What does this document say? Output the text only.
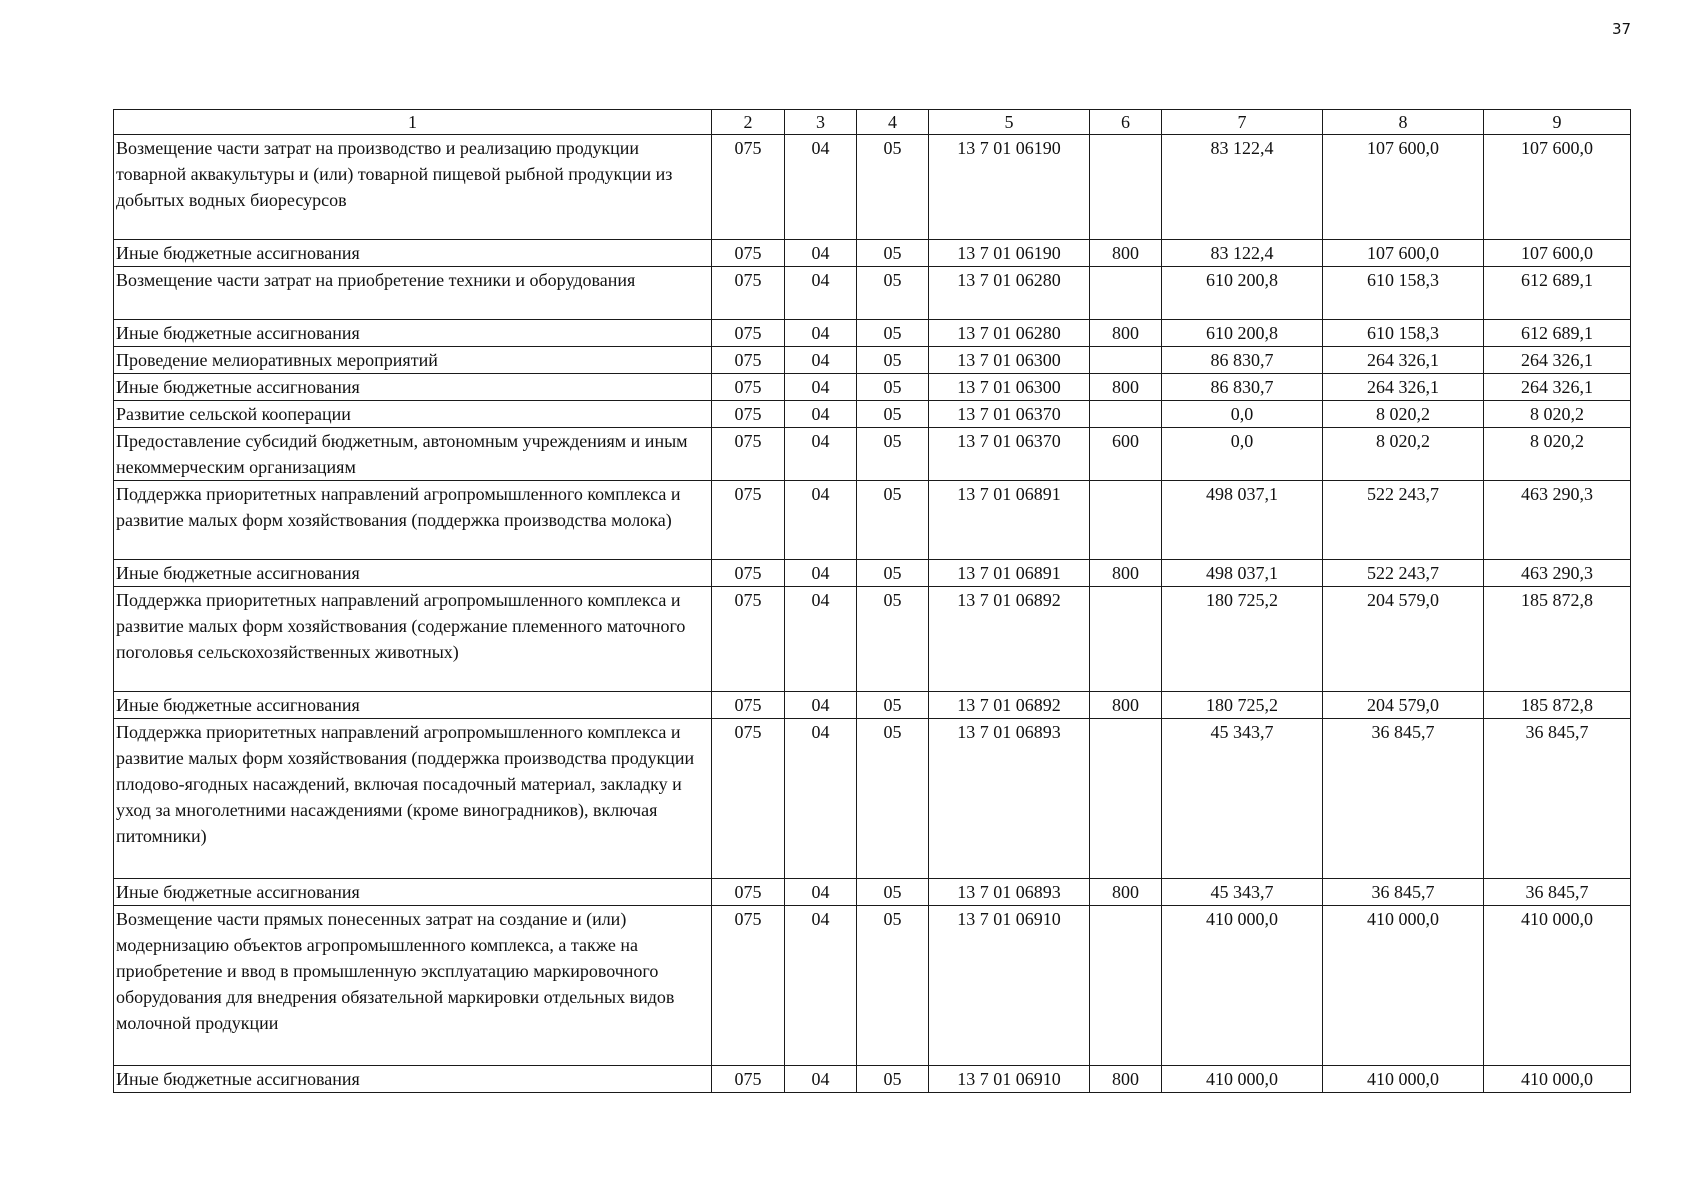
37
1	2	3	4	5	6	7	8	9
Возмещение части затрат на производство и реализацию продукции товарной аквакультуры и (или) товарной пищевой рыбной продукции из добытых водных биоресурсов	075	04	05	13 7 01 06190		83 122,4	107 600,0	107 600,0
Иные бюджетные ассигнования	075	04	05	13 7 01 06190	800	83 122,4	107 600,0	107 600,0
Возмещение части затрат на приобретение техники и оборудования	075	04	05	13 7 01 06280		610 200,8	610 158,3	612 689,1
Иные бюджетные ассигнования	075	04	05	13 7 01 06280	800	610 200,8	610 158,3	612 689,1
Проведение мелиоративных мероприятий	075	04	05	13 7 01 06300		86 830,7	264 326,1	264 326,1
Иные бюджетные ассигнования	075	04	05	13 7 01 06300	800	86 830,7	264 326,1	264 326,1
Развитие сельской кооперации	075	04	05	13 7 01 06370		0,0	8 020,2	8 020,2
Предоставление субсидий бюджетным, автономным учреждениям и иным некоммерческим организациям	075	04	05	13 7 01 06370	600	0,0	8 020,2	8 020,2
Поддержка приоритетных направлений агропромышленного комплекса и развитие малых форм хозяйствования (поддержка производства молока)	075	04	05	13 7 01 06891		498 037,1	522 243,7	463 290,3
Иные бюджетные ассигнования	075	04	05	13 7 01 06891	800	498 037,1	522 243,7	463 290,3
Поддержка приоритетных направлений агропромышленного комплекса и развитие малых форм хозяйствования (содержание племенного маточного поголовья сельскохозяйственных животных)	075	04	05	13 7 01 06892		180 725,2	204 579,0	185 872,8
Иные бюджетные ассигнования	075	04	05	13 7 01 06892	800	180 725,2	204 579,0	185 872,8
Поддержка приоритетных направлений агропромышленного комплекса и развитие малых форм хозяйствования (поддержка производства продукции плодово-ягодных насаждений, включая посадочный материал, закладку и уход за многолетними насаждениями (кроме виноградников), включая питомники)	075	04	05	13 7 01 06893		45 343,7	36 845,7	36 845,7
Иные бюджетные ассигнования	075	04	05	13 7 01 06893	800	45 343,7	36 845,7	36 845,7
Возмещение части прямых понесенных затрат на создание и (или) модернизацию объектов агропромышленного комплекса, а также на приобретение и ввод в промышленную эксплуатацию маркировочного оборудования для внедрения обязательной маркировки отдельных видов молочной продукции	075	04	05	13 7 01 06910		410 000,0	410 000,0	410 000,0
Иные бюджетные ассигнования	075	04	05	13 7 01 06910	800	410 000,0	410 000,0	410 000,0
